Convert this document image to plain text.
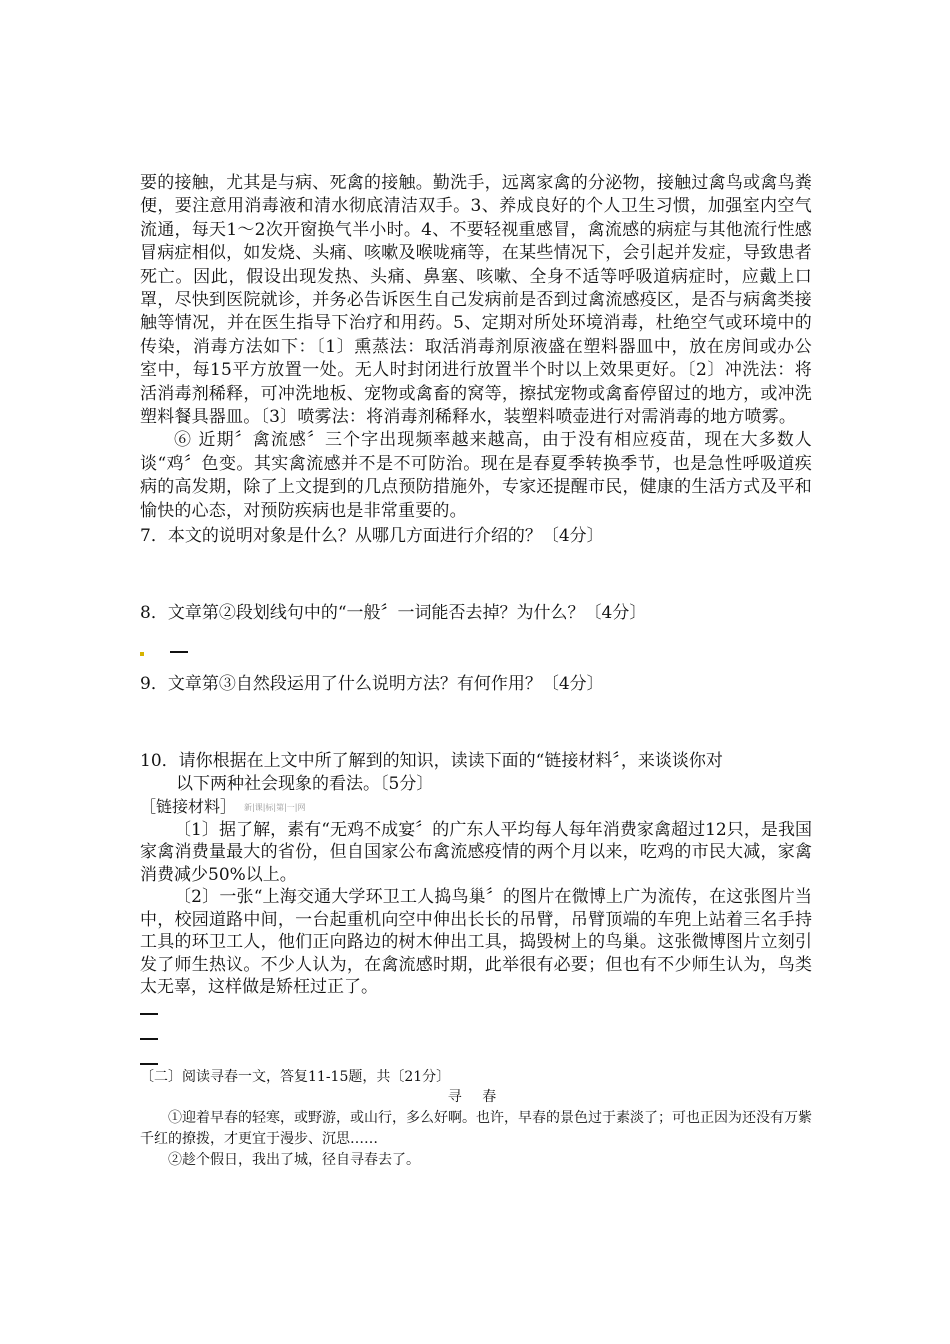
要的接触，尤其是与病、死禽的接触。勤洗手，远离家禽的分泌物，接触过禽鸟或禽鸟粪便，要注意用消毒液和清水彻底清洁双手。3、养成良好的个人卫生习惯，加强室内空气流通，每天1～2次开窗换气半小时。4、不要轻视重感冒，禽流感的病症与其他流行性感冒病症相似，如发烧、头痛、咳嗽及喉咙痛等，在某些情况下，会引起并发症，导致患者死亡。因此，假设出现发热、头痛、鼻塞、咳嗽、全身不适等呼吸道病症时，应戴上口罩，尽快到医院就诊，并务必告诉医生自己发病前是否到过禽流感疫区，是否与病禽类接触等情况，并在医生指导下治疗和用药。5、定期对所处环境消毒，杜绝空气或环境中的传染，消毒方法如下：〔1〕熏蒸法：取活消毒剂原液盛在塑料器皿中，放在房间或办公室中，每15平方放置一处。无人时封闭进行放置半个时以上效果更好。〔2〕冲洗法：将活消毒剂稀释，可冲洗地板、宠物或禽畜的窝等，擦拭宠物或禽畜停留过的地方，或冲洗塑料餐具器皿。〔3〕喷雾法：将消毒剂稀释水，装塑料喷壶进行对需消毒的地方喷雾。

⑥ 近期〞禽流感〞三个字出现频率越来越高，由于没有相应疫苗，现在大多数人谈“鸡〞色变。其实禽流感并不是不可防治。现在是春夏季转换季节，也是急性呼吸道疾病的高发期，除了上文提到的几点预防措施外，专家还提醒市民，健康的生活方式及平和愉快的心态，对预防疾病也是非常重要的。

7．本文的说明对象是什么？从哪几方面进行介绍的？〔4分〕

8．文章第②段划线句中的“一般〞一词能否去掉？为什么？〔4分〕

9．文章第③自然段运用了什么说明方法？有何作用？〔4分〕

10．请你根据在上文中所了解到的知识，读读下面的“链接材料〞，来谈谈你对
以下两种社会现象的看法。〔5分〕

［链接材料］ 新|课|标|第|一|网

〔1〕据了解，素有“无鸡不成宴〞的广东人平均每人每年消费家禽超过12只，是我国家禽消费量最大的省份，但自国家公布禽流感疫情的两个月以来，吃鸡的市民大减，家禽消费减少50%以上。

〔2〕一张“上海交通大学环卫工人捣鸟巢〞的图片在微博上广为流传，在这张图片当中，校园道路中间，一台起重机向空中伸出长长的吊臂，吊臂顶端的车兜上站着三名手持工具的环卫工人，他们正向路边的树木伸出工具，捣毁树上的鸟巢。这张微博图片立刻引发了师生热议。不少人认为，在禽流感时期，此举很有必要；但也有不少师生认为，鸟类太无辜，这样做是矫枉过正了。

〔二〕阅读寻春一文，答复11-15题，共〔21分〕

寻 春

①迎着早春的轻寒，或野游，或山行，多么好啊。也许，早春的景色过于素淡了；可也正因为还没有万紫千红的撩拨，才更宜于漫步、沉思……

②趁个假日，我出了城，径自寻春去了。
